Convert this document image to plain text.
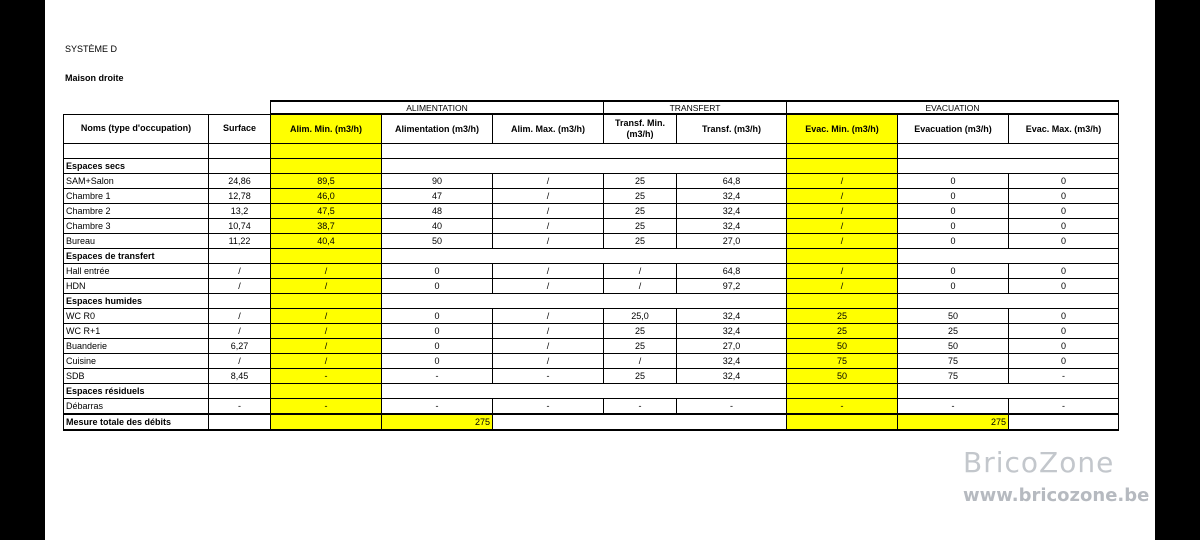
SYSTÈME D
Maison droite
		ALIMENTATION			TRANSFERT		EVACUATION		
Noms (type d'occupation)	Surface	Alim. Min. (m3/h)	Alimentation (m3/h)	Alim. Max. (m3/h)	Transf. Min. (m3/h)	Transf. (m3/h)	Evac. Min. (m3/h)	Evacuation (m3/h)	Evac. Max. (m3/h)

Espaces secs									
SAM+Salon	24,86	89,5	90	/	25	64,8	/	0	0
Chambre 1	12,78	46,0	47	/	25	32,4	/	0	0
Chambre 2	13,2	47,5	48	/	25	32,4	/	0	0
Chambre 3	10,74	38,7	40	/	25	32,4	/	0	0
Bureau	11,22	40,4	50	/	25	27,0	/	0	0
Espaces de transfert									
Hall entrée	/	/	0	/	/	64,8	/	0	0
HDN	/	/	0	/	/	97,2	/	0	0
Espaces humides									
WC R0	/	/	0	/	25,0	32,4	25	50	0
WC R+1	/	/	0	/	25	32,4	25	25	0
Buanderie	6,27	/	0	/	25	27,0	50	50	0
Cuisine	/	/	0	/	/	32,4	75	75	0
SDB	8,45	-	-	-	25	32,4	50	75	-
Espaces résiduels									
Débarras	-	-	-	-	-	-	-	-	-
Mesure totale des débits			275					275	
BricoZone
www.bricozone.be
